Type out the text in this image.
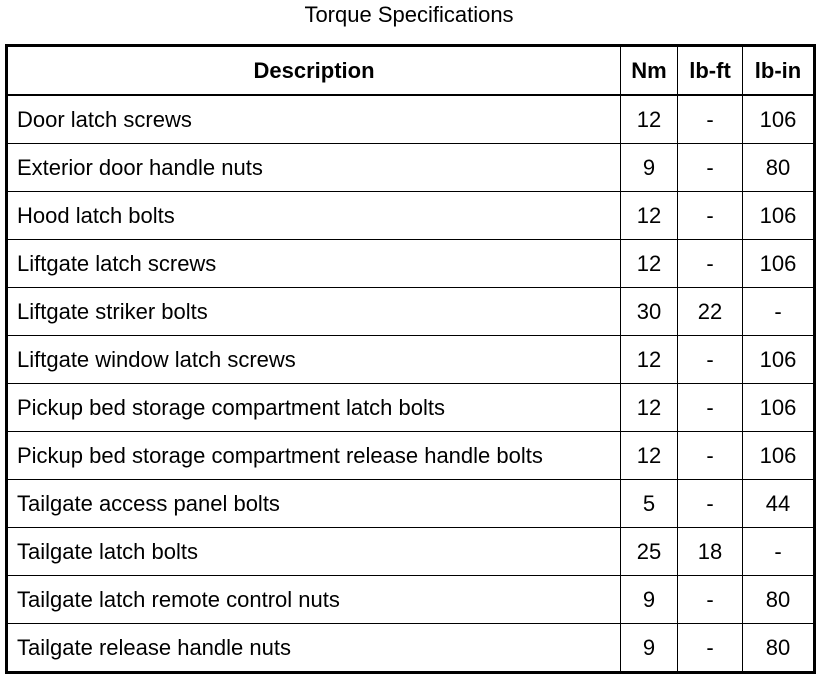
Torque Specifications
Description	Nm	lb-ft	lb-in
Door latch screws	12	-	106
Exterior door handle nuts	9	-	80
Hood latch bolts	12	-	106
Liftgate latch screws	12	-	106
Liftgate striker bolts	30	22	-
Liftgate window latch screws	12	-	106
Pickup bed storage compartment latch bolts	12	-	106
Pickup bed storage compartment release handle bolts	12	-	106
Tailgate access panel bolts	5	-	44
Tailgate latch bolts	25	18	-
Tailgate latch remote control nuts	9	-	80
Tailgate release handle nuts	9	-	80
